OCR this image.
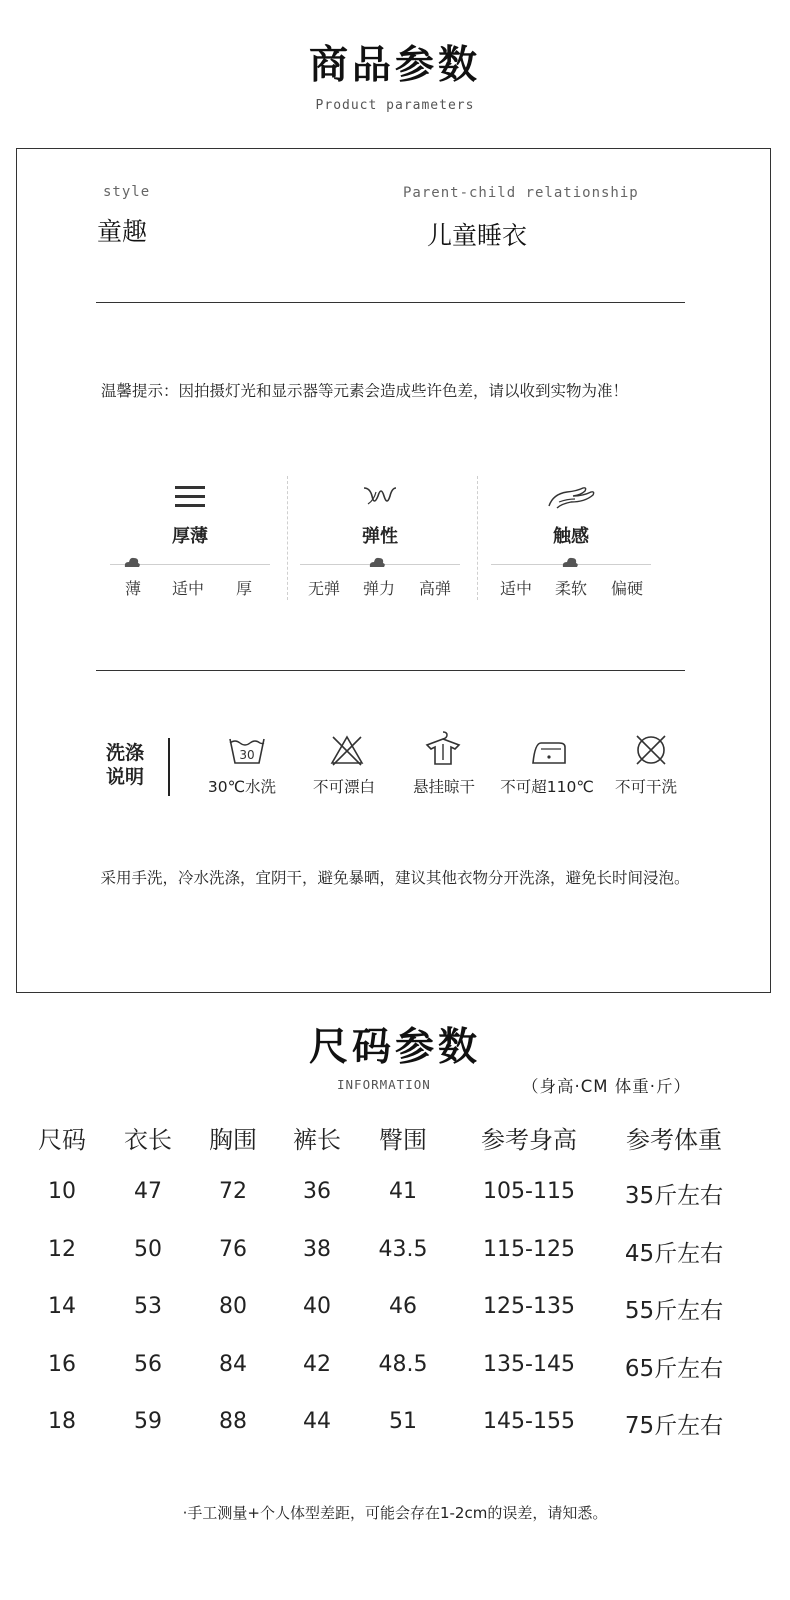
商品参数
Product parameters
style
童趣
Parent-child relationship
儿童睡衣
温馨提示：因拍摄灯光和显示器等元素会造成些许色差，请以收到实物为准！
厚薄
薄	适中	厚
弹性
无弹	弹力	高弹
触感
适中	柔软	偏硬
洗涤
说明
30
30℃水洗	不可漂白	悬挂晾干	不可超110℃	不可干洗
采用手洗，冷水洗涤，宜阴干，避免暴晒，建议其他衣物分开洗涤，避免长时间浸泡。
尺码参数
INFORMATION	（身高·CM 体重·斤）
尺码	衣长	胸围	裤长	臀围	参考身高	参考体重
10	47	72	36	41	105-115	35斤左右
12	50	76	38	43.5	115-125	45斤左右
14	53	80	40	46	125-135	55斤左右
16	56	84	42	48.5	135-145	65斤左右
18	59	88	44	51	145-155	75斤左右
·手工测量+个人体型差距，可能会存在1-2cm的误差，请知悉。
